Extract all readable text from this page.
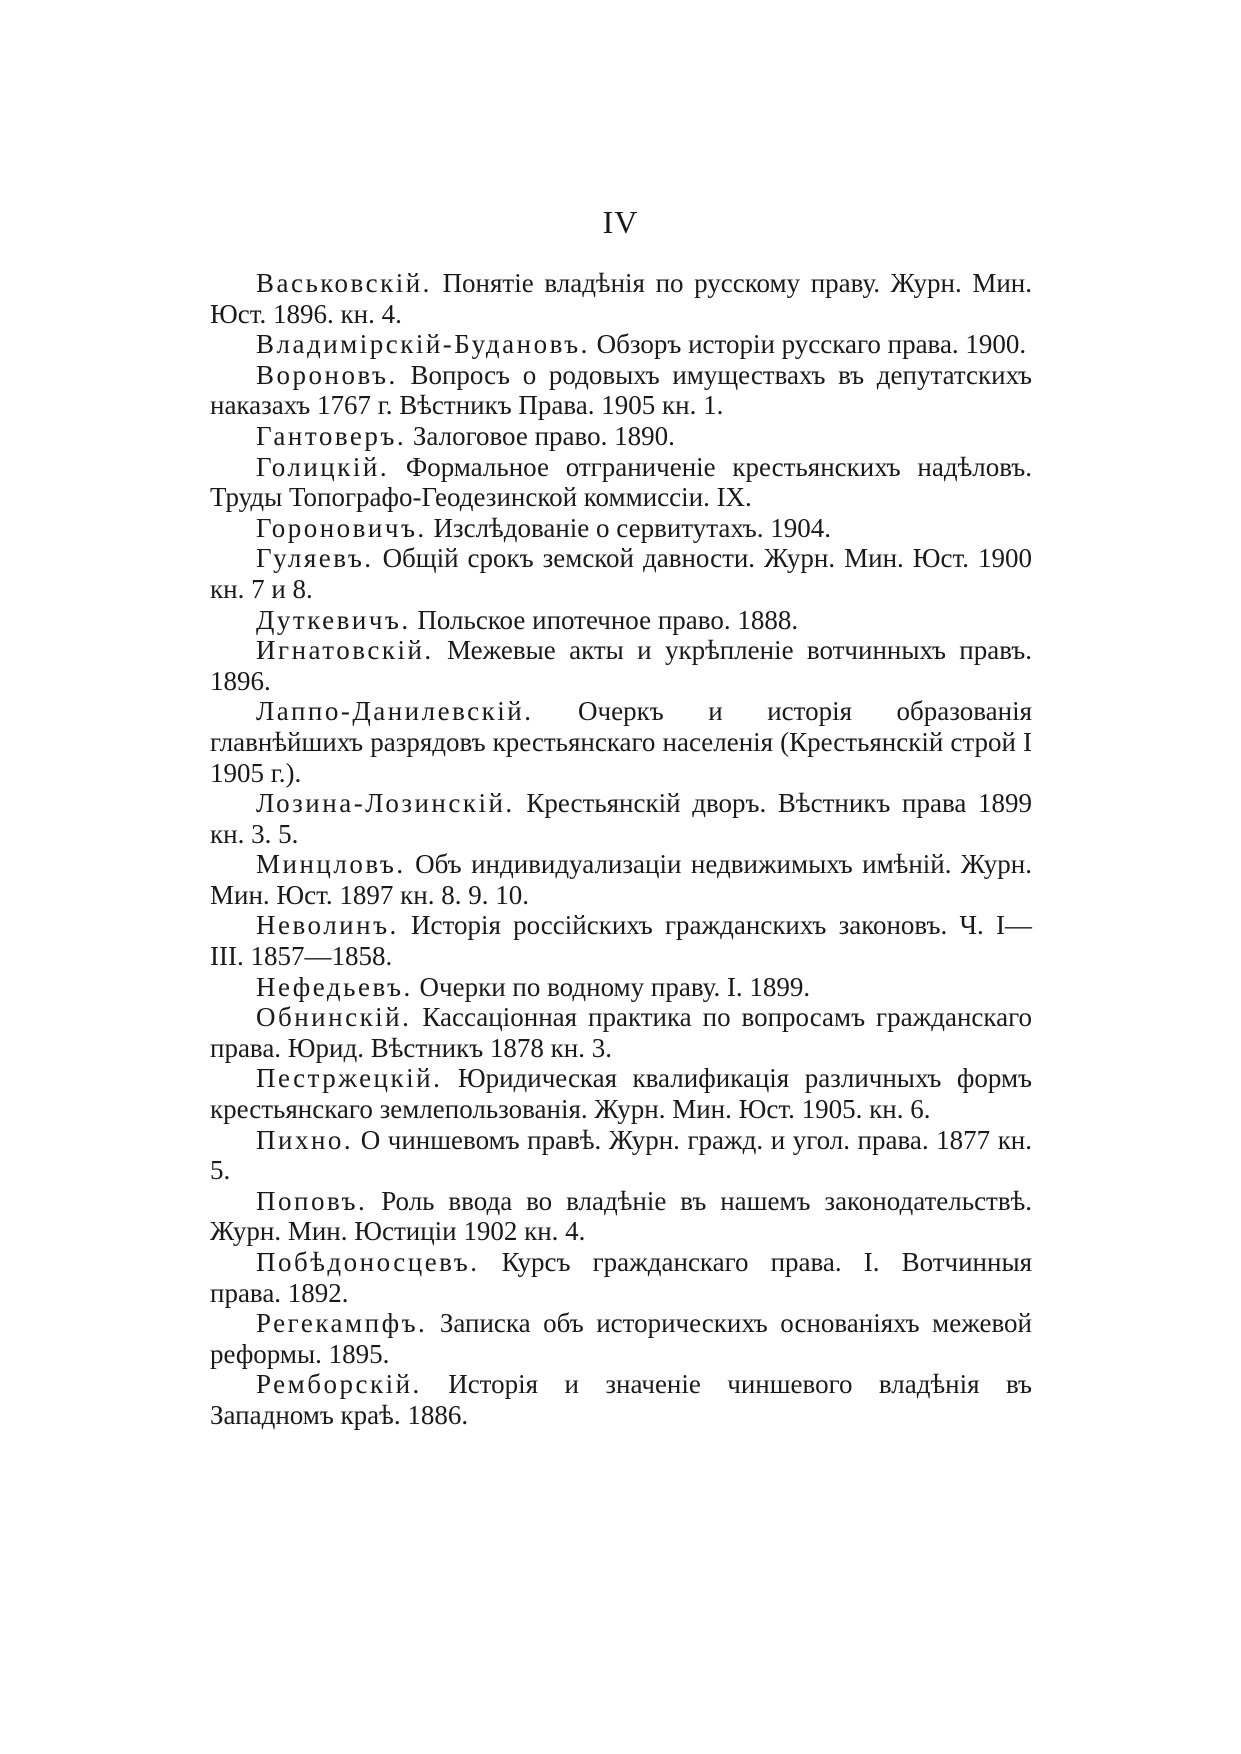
IV

Васьковскій. Понятіе владѣнія по русскому праву. Журн. Мин. Юст. 1896. кн. 4.

Владимірскій-Будановъ. Обзоръ исторіи русскаго права. 1900.

Вороновъ. Вопросъ о родовыхъ имуществахъ въ депутатскихъ наказахъ 1767 г. Вѣстникъ Права. 1905 кн. 1.

Гантоверъ. Залоговое право. 1890.

Голицкій. Формальное отграниченіе крестьянскихъ надѣловъ. Труды Топографо-Геодезинской коммиссіи. IX.

Гороновичъ. Изслѣдованіе о сервитутахъ. 1904.

Гуляевъ. Общій срокъ земской давности. Журн. Мин. Юст. 1900 кн. 7 и 8.

Дуткевичъ. Польское ипотечное право. 1888.

Игнатовскій. Межевые акты и укрѣпленіе вотчинныхъ правъ. 1896.

Лаппо-Данилевскій. Очеркъ и исторія образованія главнѣйшихъ разрядовъ крестьянскаго населенія (Крестьянскій строй I 1905 г.).

Лозина-Лозинскій. Крестьянскій дворъ. Вѣстникъ права 1899 кн. 3. 5.

Минцловъ. Объ индивидуализаціи недвижимыхъ имѣній. Журн. Мин. Юст. 1897 кн. 8. 9. 10.

Неволинъ. Исторія россійскихъ гражданскихъ законовъ. Ч. I—III. 1857—1858.

Нефедьевъ. Очерки по водному праву. I. 1899.

Обнинскій. Кассаціонная практика по вопросамъ гражданскаго права. Юрид. Вѣстникъ 1878 кн. 3.

Пестржецкій. Юридическая квалификація различныхъ формъ крестьянскаго землепользованія. Журн. Мин. Юст. 1905. кн. 6.

Пихно. О чиншевомъ правѣ. Журн. гражд. и угол. права. 1877 кн. 5.

Поповъ. Роль ввода во владѣніе въ нашемъ законодательствѣ. Журн. Мин. Юстиціи 1902 кн. 4.

Побѣдоносцевъ. Курсъ гражданскаго права. I. Вотчинныя права. 1892.

Регекампфъ. Записка объ историческихъ основаніяхъ межевой реформы. 1895.

Ремборскій. Исторія и значеніе чиншевого владѣнія въ Западномъ краѣ. 1886.
